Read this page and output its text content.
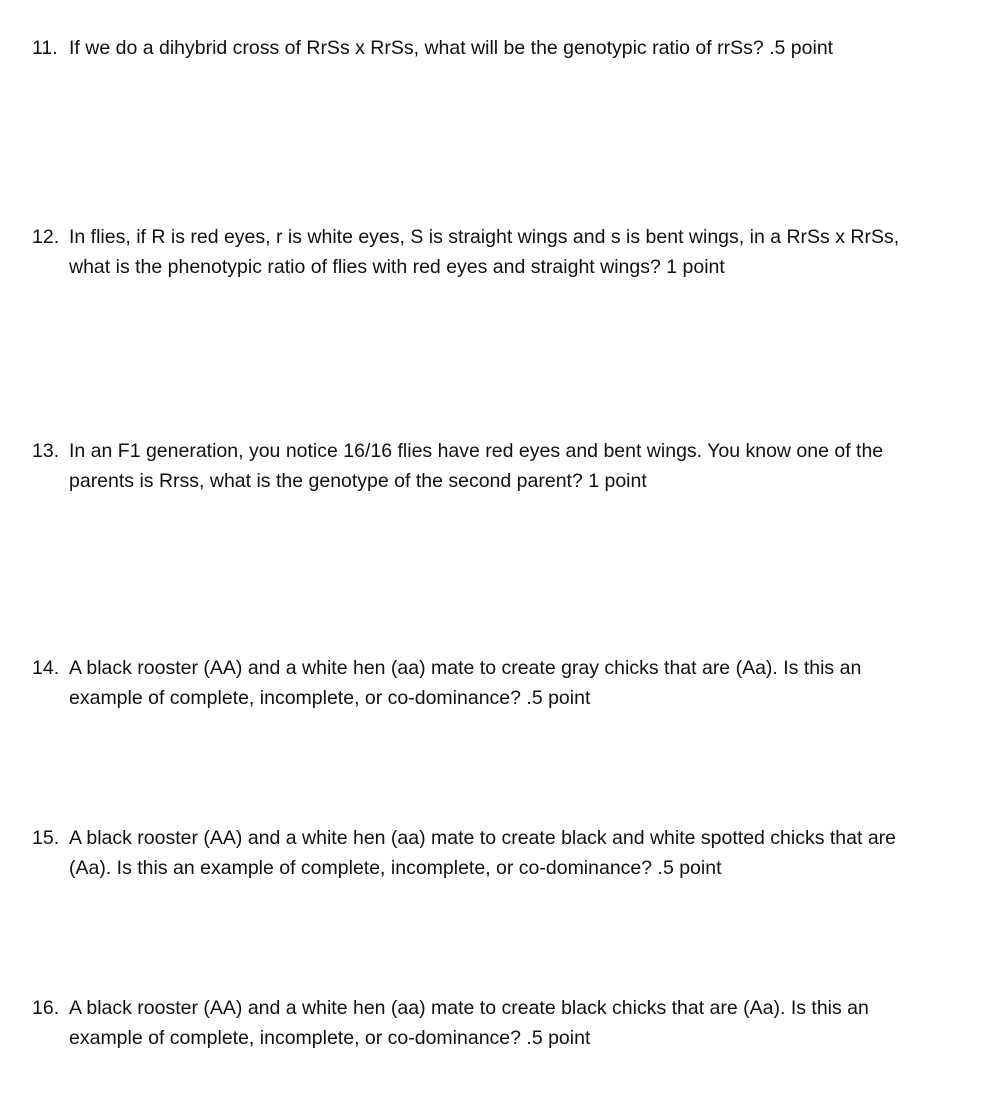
11. If we do a dihybrid cross of RrSs x RrSs, what will be the genotypic ratio of rrSs? .5 point
12. In flies, if R is red eyes, r is white eyes, S is straight wings and s is bent wings, in a RrSs x RrSs,
what is the phenotypic ratio of flies with red eyes and straight wings? 1 point
13. In an F1 generation, you notice 16/16 flies have red eyes and bent wings. You know one of the
parents is Rrss, what is the genotype of the second parent? 1 point
14. A black rooster (AA) and a white hen (aa) mate to create gray chicks that are (Aa). Is this an
example of complete, incomplete, or co-dominance? .5 point
15. A black rooster (AA) and a white hen (aa) mate to create black and white spotted chicks that are
(Aa). Is this an example of complete, incomplete, or co-dominance? .5 point
16. A black rooster (AA) and a white hen (aa) mate to create black chicks that are (Aa). Is this an
example of complete, incomplete, or co-dominance? .5 point
